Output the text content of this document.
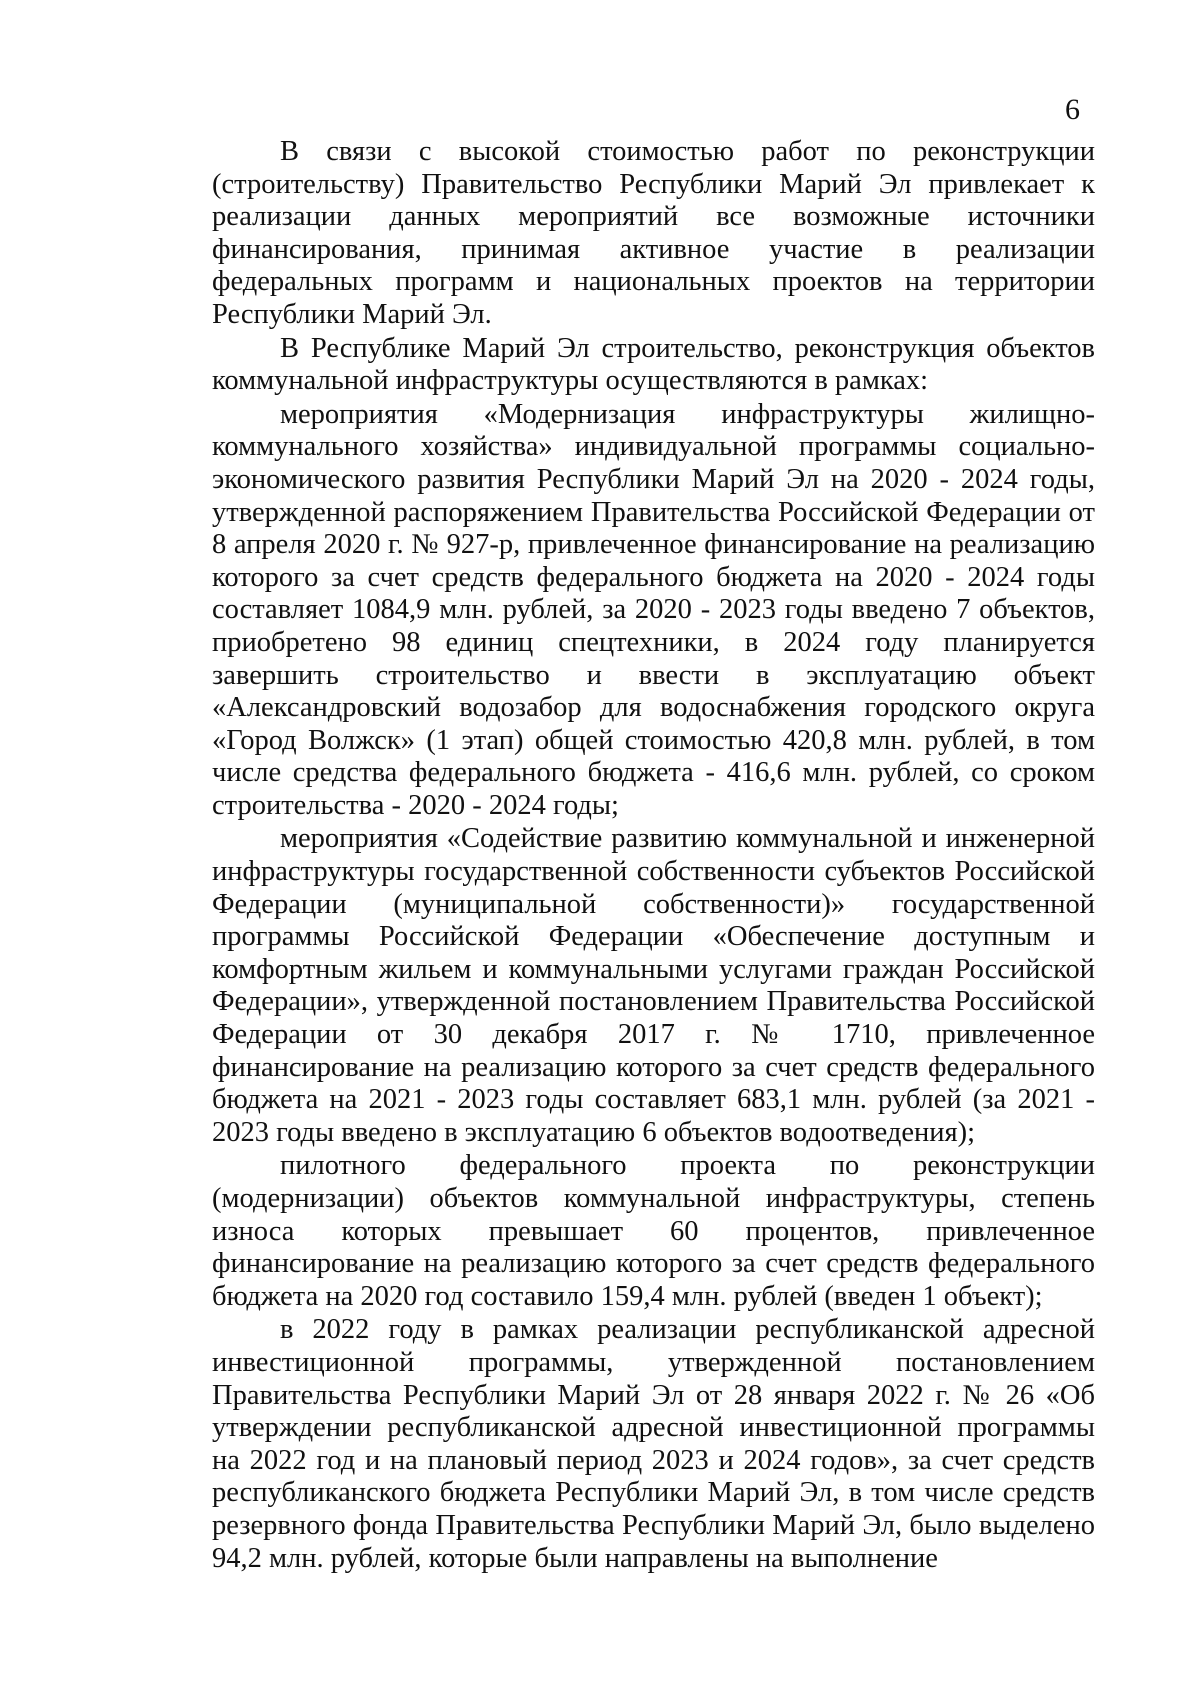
6

В связи с высокой стоимостью работ по реконструкции (строительству) Правительство Республики Марий Эл привлекает к реализации данных мероприятий все возможные источники финансирования, принимая активное участие в реализации федеральных программ и национальных проектов на территории Республики Марий Эл.

В Республике Марий Эл строительство, реконструкция объектов коммунальной инфраструктуры осуществляются в рамках:

мероприятия «Модернизация инфраструктуры жилищно-коммунального хозяйства» индивидуальной программы социально-экономического развития Республики Марий Эл на 2020 - 2024 годы, утвержденной распоряжением Правительства Российской Федерации от 8 апреля 2020 г. № 927-р, привлеченное финансирование на реализацию которого за счет средств федерального бюджета на 2020 - 2024 годы составляет 1084,9 млн. рублей, за 2020 - 2023 годы введено 7 объектов, приобретено 98 единиц спецтехники, в 2024 году планируется завершить строительство и ввести в эксплуатацию объект «Александровский водозабор для водоснабжения городского округа «Город Волжск» (1 этап) общей стоимостью 420,8 млн. рублей, в том числе средства федерального бюджета - 416,6 млн. рублей, со сроком строительства - 2020 - 2024 годы;

мероприятия «Содействие развитию коммунальной и инженерной инфраструктуры государственной собственности субъектов Российской Федерации (муниципальной собственности)» государственной программы Российской Федерации «Обеспечение доступным и комфортным жильем и коммунальными услугами граждан Российской Федерации», утвержденной постановлением Правительства Российской Федерации от 30 декабря 2017 г. № 1710, привлеченное финансирование на реализацию которого за счет средств федерального бюджета на 2021 - 2023 годы составляет 683,1 млн. рублей (за 2021 - 2023 годы введено в эксплуатацию 6 объектов водоотведения);

пилотного федерального проекта по реконструкции (модернизации) объектов коммунальной инфраструктуры, степень износа которых превышает 60 процентов, привлеченное финансирование на реализацию которого за счет средств федерального бюджета на 2020 год составило 159,4 млн. рублей (введен 1 объект);

в 2022 году в рамках реализации республиканской адресной инвестиционной программы, утвержденной постановлением Правительства Республики Марий Эл от 28 января 2022 г. № 26 «Об утверждении республиканской адресной инвестиционной программы на 2022 год и на плановый период 2023 и 2024 годов», за счет средств республиканского бюджета Республики Марий Эл, в том числе средств резервного фонда Правительства Республики Марий Эл, было выделено 94,2 млн. рублей, которые были направлены на выполнение
